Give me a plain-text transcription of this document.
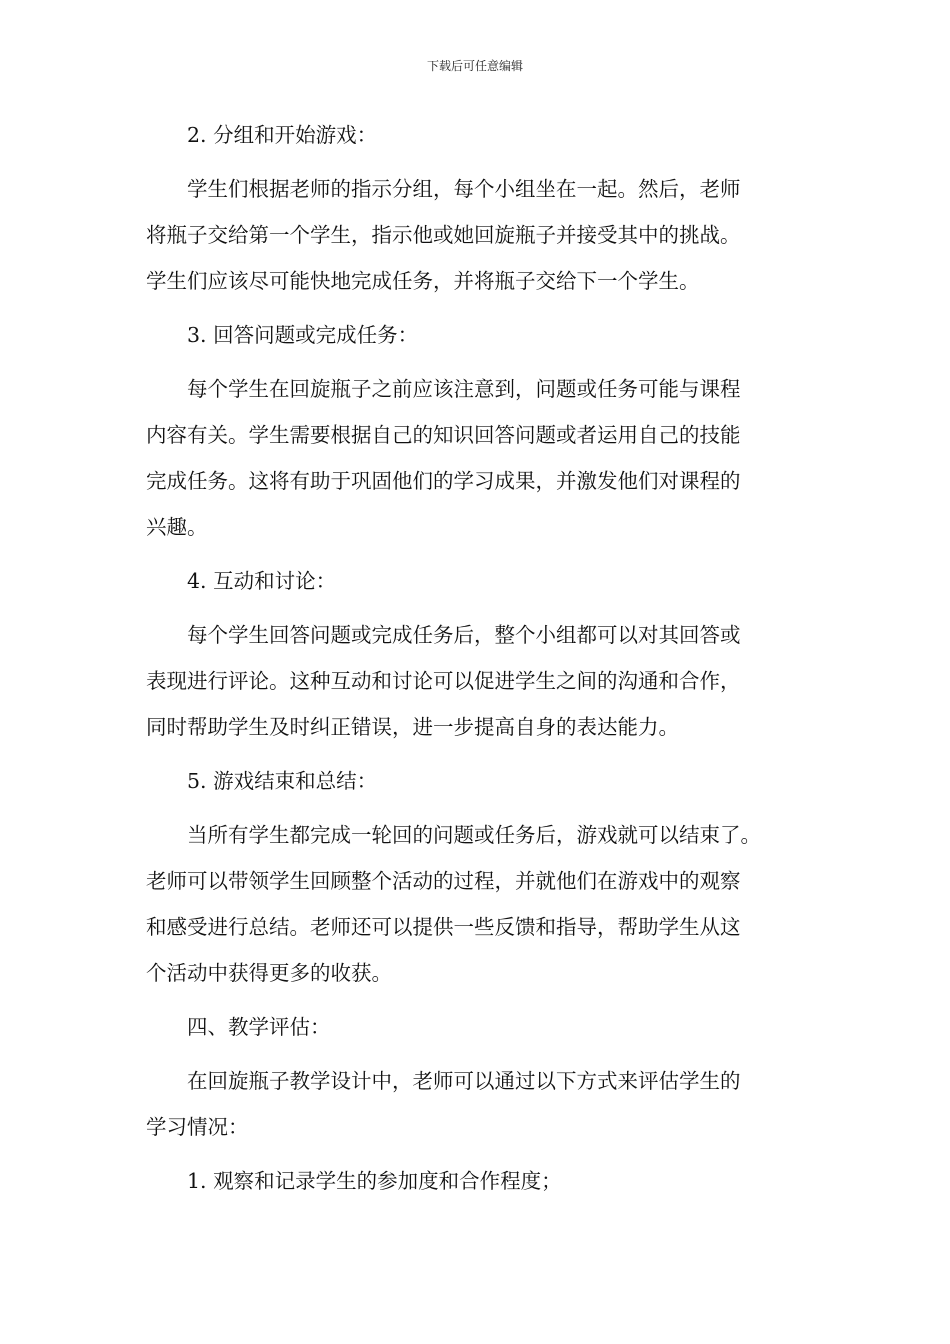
下载后可任意编辑

2. 分组和开始游戏：

学生们根据老师的指示分组，每个小组坐在一起。然后，老师
将瓶子交给第一个学生，指示他或她回旋瓶子并接受其中的挑战。
学生们应该尽可能快地完成任务，并将瓶子交给下一个学生。

3. 回答问题或完成任务：

每个学生在回旋瓶子之前应该注意到，问题或任务可能与课程
内容有关。学生需要根据自己的知识回答问题或者运用自己的技能
完成任务。这将有助于巩固他们的学习成果，并激发他们对课程的
兴趣。

4. 互动和讨论：

每个学生回答问题或完成任务后，整个小组都可以对其回答或
表现进行评论。这种互动和讨论可以促进学生之间的沟通和合作，
同时帮助学生及时纠正错误，进一步提高自身的表达能力。

5. 游戏结束和总结：

当所有学生都完成一轮回的问题或任务后，游戏就可以结束了。
老师可以带领学生回顾整个活动的过程，并就他们在游戏中的观察
和感受进行总结。老师还可以提供一些反馈和指导，帮助学生从这
个活动中获得更多的收获。

四、教学评估：

在回旋瓶子教学设计中，老师可以通过以下方式来评估学生的
学习情况：

1. 观察和记录学生的参加度和合作程度；
